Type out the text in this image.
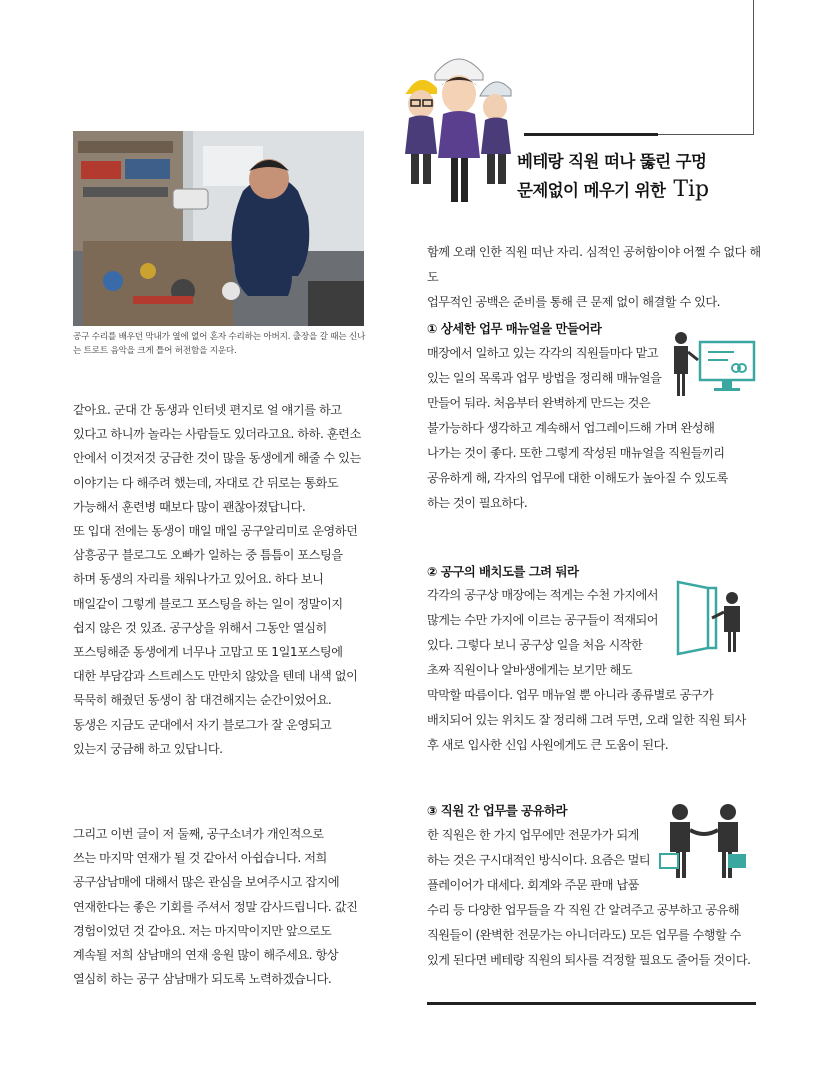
공구 수리를 배우던 막내가 옆에 없어 혼자 수리하는 아버지. 출장을 갈 때는 신나
는 트로트 음악을 크게 틀어 허전함을 지운다.

같아요. 군대 간 동생과 인터넷 편지로 얼 얘기를 하고

있다고 하니까 놀라는 사람들도 있더라고요. 하하. 훈련소

안에서 이것저것 궁금한 것이 많을 동생에게 해줄 수 있는

이야기는 다 해주려 했는데, 자대로 간 뒤로는 통화도

가능해서 훈련병 때보다 많이 괜찮아졌답니다.

또 입대 전에는 동생이 매일 매일 공구알리미로 운영하던

삼흥공구 블로그도 오빠가 일하는 중 틈틈이 포스팅을

하며 동생의 자리를 채워나가고 있어요. 하다 보니

매일같이 그렇게 블로그 포스팅을 하는 일이 정말이지

쉽지 않은 것 있죠. 공구상을 위해서 그동안 열심히

포스팅해준 동생에게 너무나 고맙고 또 1일1포스팅에

대한 부담감과 스트레스도 만만치 않았을 텐데 내색 없이

묵묵히 해줬던 동생이 참 대견해지는 순간이었어요.

동생은 지금도 군대에서 자기 블로그가 잘 운영되고

있는지 궁금해 하고 있답니다.

그리고 이번 글이 저 둘째, 공구소녀가 개인적으로

쓰는 마지막 연재가 될 것 같아서 아쉽습니다. 저희

공구삼남매에 대해서 많은 관심을 보여주시고 잡지에

연재한다는 좋은 기회를 주셔서 정말 감사드립니다. 값진

경험이었던 것 같아요. 저는 마지막이지만 앞으로도

계속될 저희 삼남매의 연재 응원 많이 해주세요. 항상

열심히 하는 공구 삼남매가 되도록 노력하겠습니다.

베테랑 직원 떠나 뚫린 구멍
문제없이 메우기 위한 Tip

함께 오래 인한 직원 떠난 자리. 심적인 공허함이야 어쩔 수 없다 해도

업무적인 공백은 준비를 통해 큰 문제 없이 해결할 수 있다.

① 상세한 업무 매뉴얼을 만들어라

매장에서 일하고 있는 각각의 직원들마다 맡고

있는 일의 목록과 업무 방법을 정리해 매뉴얼을

만들어 둬라. 처음부터 완벽하게 만드는 것은

불가능하다 생각하고 계속해서 업그레이드해 가며 완성해

나가는 것이 좋다. 또한 그렇게 작성된 매뉴얼을 직원들끼리

공유하게 해, 각자의 업무에 대한 이해도가 높아질 수 있도록

하는 것이 필요하다.

② 공구의 배치도를 그려 둬라

각각의 공구상 매장에는 적게는 수천 가지에서

많게는 수만 가지에 이르는 공구들이 적재되어

있다. 그렇다 보니 공구상 일을 처음 시작한

초짜 직원이나 알바생에게는 보기만 해도

막막할 따름이다. 업무 매뉴얼 뿐 아니라 종류별로 공구가

배치되어 있는 위치도 잘 정리해 그려 두면, 오래 일한 직원 퇴사

후 새로 입사한 신입 사원에게도 큰 도움이 된다.

③ 직원 간 업무를 공유하라

한 직원은 한 가지 업무에만 전문가가 되게

하는 것은 구시대적인 방식이다. 요즘은 멀티

플레이어가 대세다. 회계와 주문 판매 납품

수리 등 다양한 업무들을 각 직원 간 알려주고 공부하고 공유해

직원들이 (완벽한 전문가는 아니더라도) 모든 업무를 수행할 수

있게 된다면 베테랑 직원의 퇴사를 걱정할 필요도 줄어들 것이다.
